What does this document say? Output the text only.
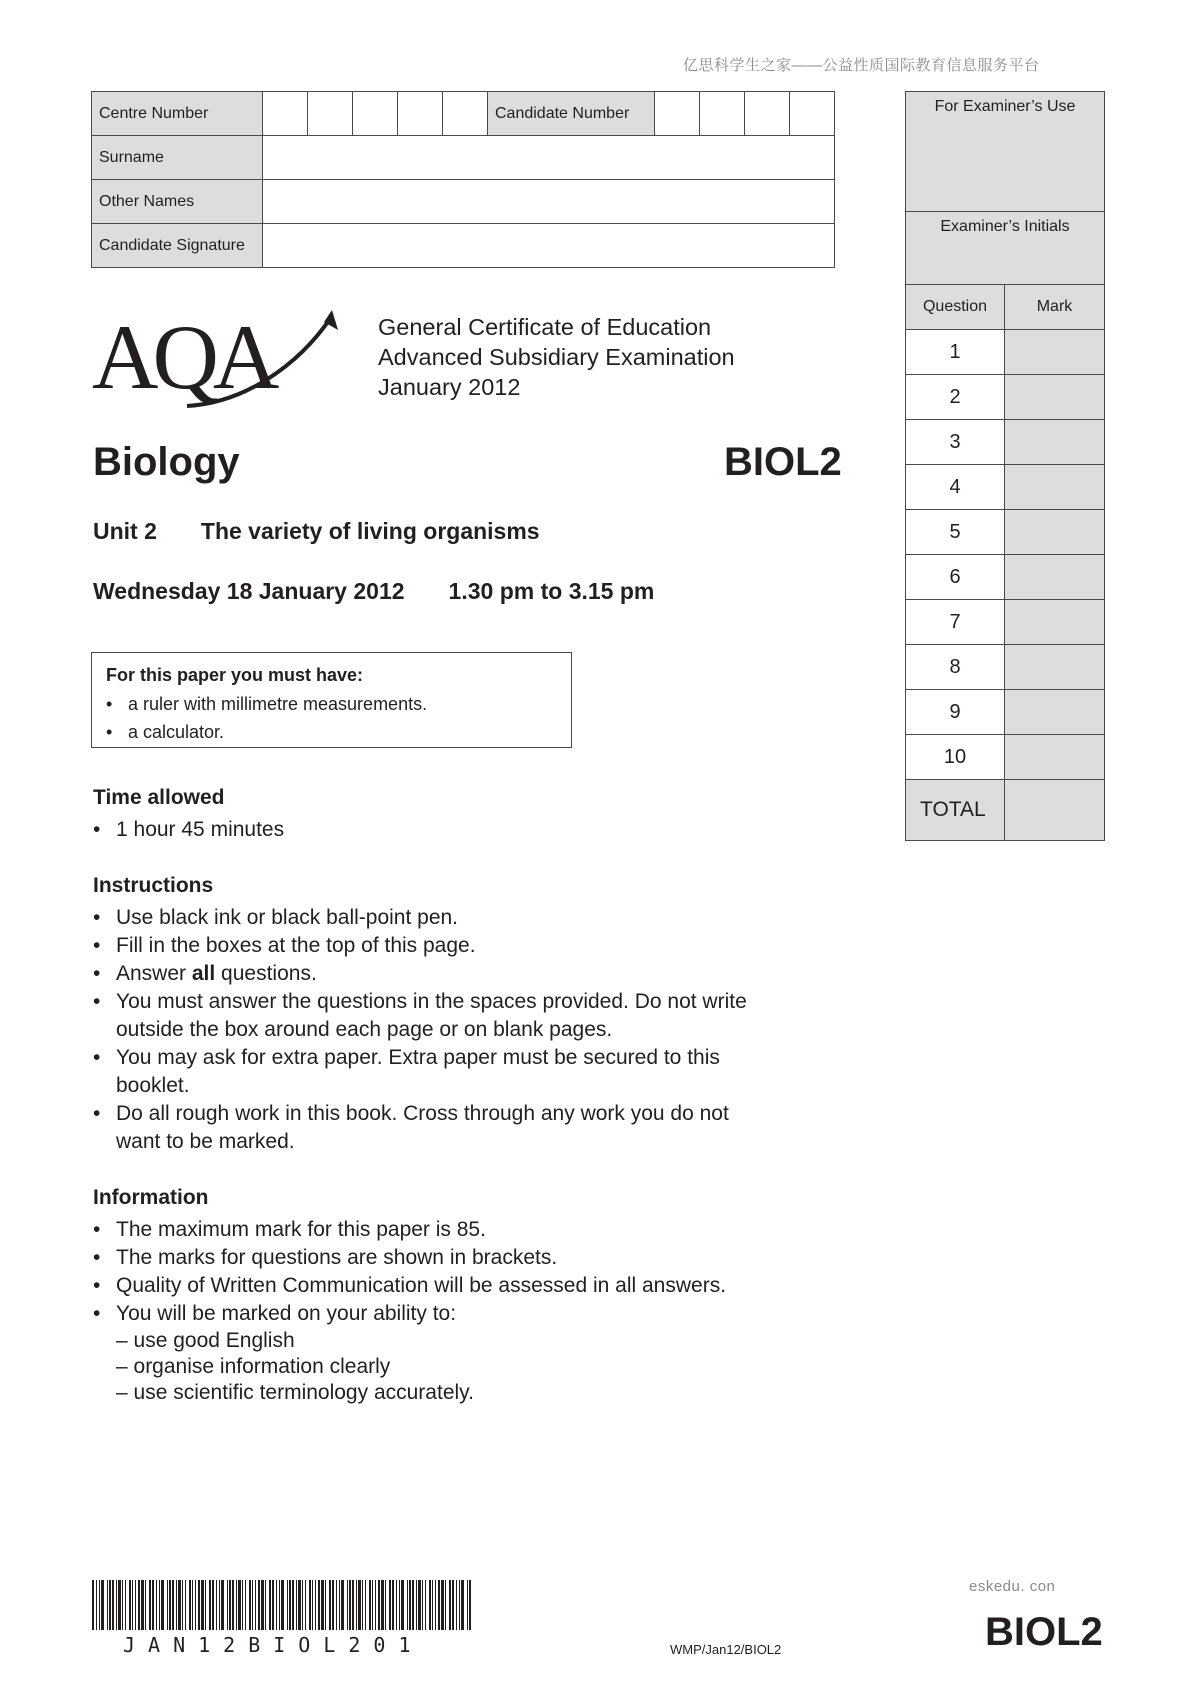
亿思科学生之家——公益性质国际教育信息服务平台
Centre Number						Candidate Number				
Surname										
Other Names										
Candidate Signature										
For Examiner’s Use	
Examiner’s Initials	
Question	Mark
1	
2	
3	
4	
5	
6	
7	
8	
9	
10	
TOTAL	
AQA	General Certificate of Education
Advanced Subsidiary Examination
January 2012
Biology	BIOL2
Unit 2 The variety of living organisms
Wednesday 18 January 2012 1.30 pm to 3.15 pm
For this paper you must have:
• a ruler with millimetre measurements.
• a calculator.
Time allowed
• 1 hour 45 minutes
Instructions
• Use black ink or black ball-point pen.
• Fill in the boxes at the top of this page.
• Answer all questions.
• You must answer the questions in the spaces provided. Do not write
outside the box around each page or on blank pages.
• You may ask for extra paper. Extra paper must be secured to this
booklet.
• Do all rough work in this book. Cross through any work you do not
want to be marked.
Information
• The maximum mark for this paper is 85.
• The marks for questions are shown in brackets.
• Quality of Written Communication will be assessed in all answers.
• You will be marked on your ability to:
– use good English
– organise information clearly
– use scientific terminology accurately.
JAN12BIOL201	WMP/Jan12/BIOL2
eskedu. con
BIOL2
